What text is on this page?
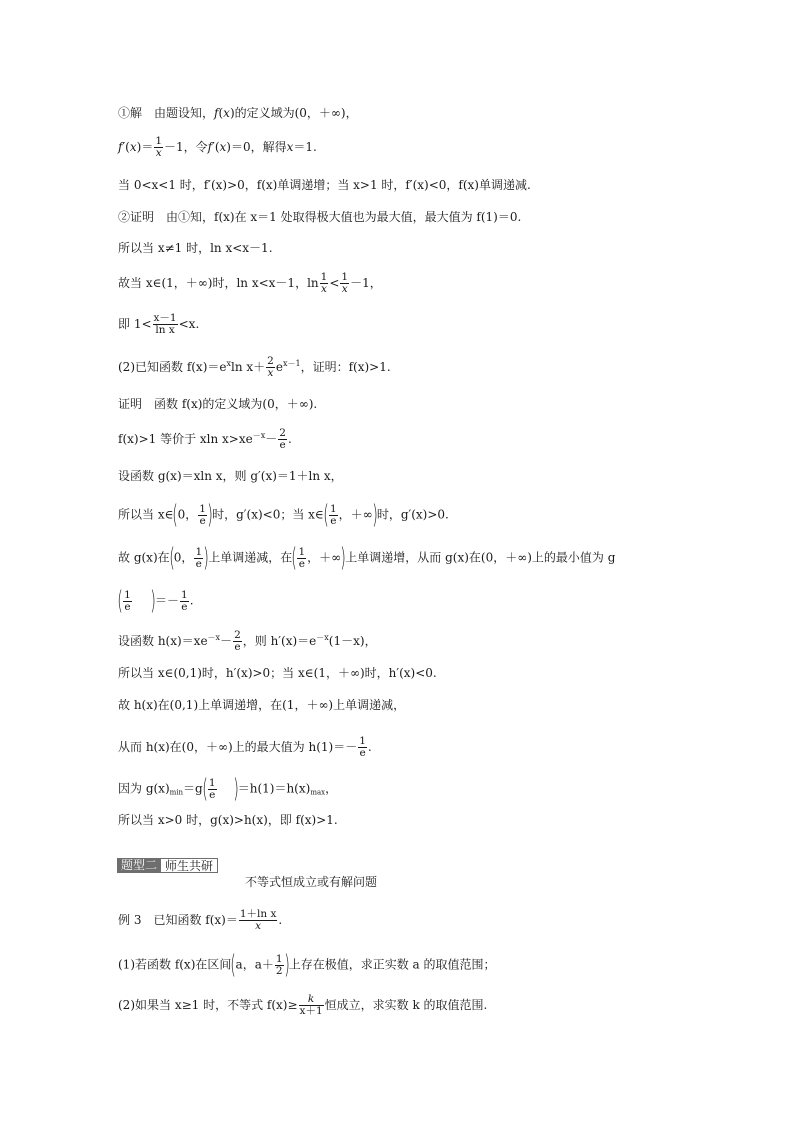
①解　由题设知，f(x)的定义域为(0，＋∞)，
$f'(x)= \frac{1}{x} -1$，令f′(x)＝0，解得x＝1.
当 0<x<1 时，f′(x)>0，f(x)单调递增；当 x>1 时，f′(x)<0，f(x)单调递减.
②证明　由①知，f(x)在 x＝1 处取得极大值也为最大值，最大值为 f(1)＝0.
所以当 x≠1 时，ln x<x－1.
故当 x∈(1，＋∞)时，ln x<x－1，$\ln \frac{1}{x} < \frac{1}{x} -1$，
即 $1< \frac{x-1}{\text{ln x}} <x$.
(2)已知函数 $f(x)=e^x\ln$ $x+ \frac{2}{x} e^{x-1}$，证明：f(x)>1.
证明　函数 f(x)的定义域为(0，＋∞).
f(x)>1 等价于 xln $x>xe^{-x}- \frac{2}{e}$ .
设函数 g(x)＝xln x，则 g′(x)＝1＋ln x，
所以当 x∈(0， $\frac{1}{e}$ )时，g′(x)<0；当 x∈( $\frac{1}{e}$ ，＋∞)时，g′(x)>0.
故 g(x)在(0， $\frac{1}{e}$ )上单调递减，在( $\frac{1}{e}$ ，＋∞)上单调递增，从而 g(x)在(0，＋∞)上的最小值为 g
( $\frac{1}{e}$ )＝－ $\frac{1}{e}$ .
设函数 $h(x)=xe^{-x}- \frac{2}{e}$ ，则 $h'(x)=e^{-x}(1-x)$，
所以当 x∈(0,1)时，h′(x)>0；当 x∈(1，＋∞)时，h′(x)<0.
故 h(x)在(0,1)上单调递增，在(1，＋∞)上单调递减，
从而 h(x)在(0，＋∞)上的最大值为 $h(1)=- \frac{1}{e}$ .
因为 $g(x)_{min}=g( \frac{1}{e} )=h(1)=h(x)_{max}$，
所以当 x>0 时，g(x)>h(x)，即 f(x)>1.
题型二 师生共研
不等式恒成立或有解问题
例 3　已知函数 $f(x)= \frac{\text{1＋ln x}}{x}$ .
(1)若函数 f(x)在区间(a，$a+ \frac{1}{2}$ )上存在极值，求正实数 a 的取值范围；
(2)如果当 x≥1 时，不等式 $f(x)\ge \frac{k}{x+1}$ 恒成立，求实数 k 的取值范围.
